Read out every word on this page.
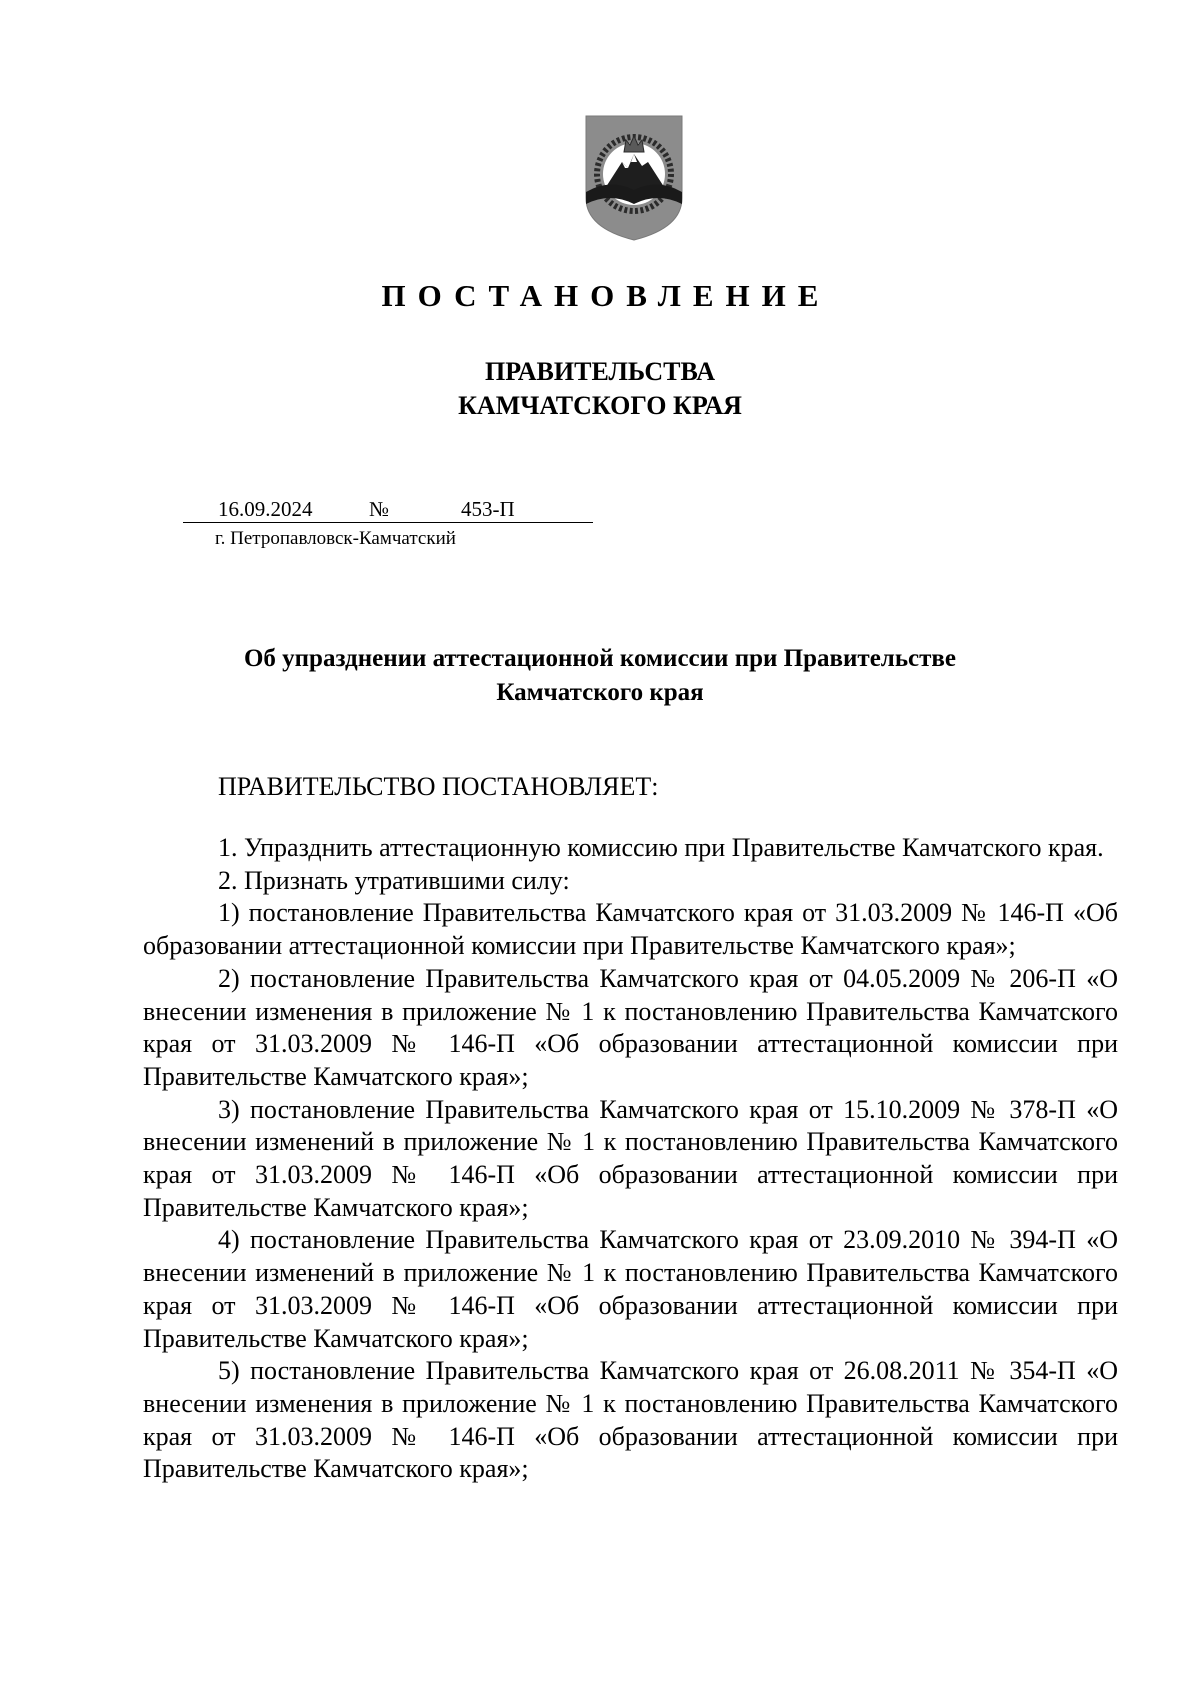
ПОСТАНОВЛЕНИЕ
ПРАВИТЕЛЬСТВА
КАМЧАТСКОГО КРАЯ
16.09.2024	№	453-П
г. Петропавловск-Камчатский
Об упразднении аттестационной комиссии при Правительстве
Камчатского края
ПРАВИТЕЛЬСТВО ПОСТАНОВЛЯЕТ:

1. Упразднить аттестационную комиссию при Правительстве Камчатского края.

2. Признать утратившими силу:

1) постановление Правительства Камчатского края от 31.03.2009 № 146-П «Об образовании аттестационной комиссии при Правительстве Камчатского края»;

2) постановление Правительства Камчатского края от 04.05.2009 № 206-П «О внесении изменения в приложение № 1 к постановлению Правительства Камчатского края от 31.03.2009 № 146-П «Об образовании аттестационной комиссии при Правительстве Камчатского края»;

3) постановление Правительства Камчатского края от 15.10.2009 № 378-П «О внесении изменений в приложение № 1 к постановлению Правительства Камчатского края от 31.03.2009 № 146-П «Об образовании аттестационной комиссии при Правительстве Камчатского края»;

4) постановление Правительства Камчатского края от 23.09.2010 № 394-П «О внесении изменений в приложение № 1 к постановлению Правительства Камчатского края от 31.03.2009 № 146-П «Об образовании аттестационной комиссии при Правительстве Камчатского края»;

5) постановление Правительства Камчатского края от 26.08.2011 № 354-П «О внесении изменения в приложение № 1 к постановлению Правительства Камчатского края от 31.03.2009 № 146-П «Об образовании аттестационной комиссии при Правительстве Камчатского края»;
